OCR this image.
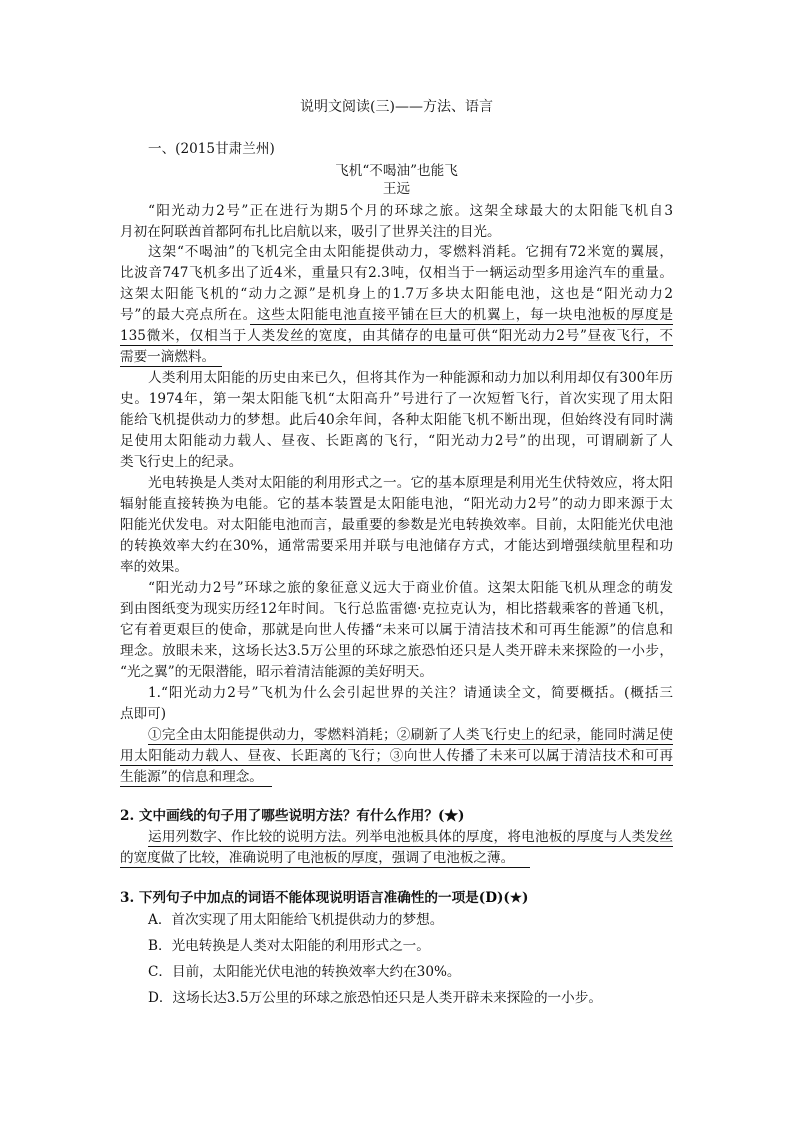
说明文阅读(三)——方法、语言
一、(2015甘肃兰州)
飞机“不喝油”也能飞
王远
“阳光动力2号”正在进行为期5个月的环球之旅。这架全球最大的太阳能飞机自3
月初在阿联酋首都阿布扎比启航以来，吸引了世界关注的目光。
这架“不喝油”的飞机完全由太阳能提供动力，零燃料消耗。它拥有72米宽的翼展，
比波音747飞机多出了近4米，重量只有2.3吨，仅相当于一辆运动型多用途汽车的重量。
这架太阳能飞机的“动力之源”是机身上的1.7万多块太阳能电池，这也是“阳光动力2
号”的最大亮点所在。这些太阳能电池直接平铺在巨大的机翼上，每一块电池板的厚度是
135微米，仅相当于人类发丝的宽度，由其储存的电量可供“阳光动力2号”昼夜飞行，不
需要一滴燃料。
人类利用太阳能的历史由来已久，但将其作为一种能源和动力加以利用却仅有300年历
史。1974年，第一架太阳能飞机“太阳高升”号进行了一次短暂飞行，首次实现了用太阳
能给飞机提供动力的梦想。此后40余年间，各种太阳能飞机不断出现，但始终没有同时满
足使用太阳能动力载人、昼夜、长距离的飞行，“阳光动力2号”的出现，可谓刷新了人
类飞行史上的纪录。
光电转换是人类对太阳能的利用形式之一。它的基本原理是利用光生伏特效应，将太阳
辐射能直接转换为电能。它的基本装置是太阳能电池，“阳光动力2号”的动力即来源于太
阳能光伏发电。对太阳能电池而言，最重要的参数是光电转换效率。目前，太阳能光伏电池
的转换效率大约在30%，通常需要采用并联与电池储存方式，才能达到增强续航里程和功
率的效果。
“阳光动力2号”环球之旅的象征意义远大于商业价值。这架太阳能飞机从理念的萌发
到由图纸变为现实历经12年时间。飞行总监雷德·克拉克认为，相比搭载乘客的普通飞机，
它有着更艰巨的使命，那就是向世人传播“未来可以属于清洁技术和可再生能源”的信息和
理念。放眼未来，这场长达3.5万公里的环球之旅恐怕还只是人类开辟未来探险的一小步，
“光之翼”的无限潜能，昭示着清洁能源的美好明天。
1.“阳光动力2号”飞机为什么会引起世界的关注？请通读全文，简要概括。(概括三
点即可)
①完全由太阳能提供动力，零燃料消耗；②刷新了人类飞行史上的纪录，能同时满足使
用太阳能动力载人、昼夜、长距离的飞行；③向世人传播了未来可以属于清洁技术和可再
生能源”的信息和理念。
2. 文中画线的句子用了哪些说明方法？有什么作用？(★)
运用列数字、作比较的说明方法。列举电池板具体的厚度，将电池板的厚度与人类发丝
的宽度做了比较，准确说明了电池板的厚度，强调了电池板之薄。
3. 下列句子中加点的词语不能体现说明语言准确性的一项是(D)(★)
A．首次实现了用太阳能给飞机提供动力的梦想。
B．光电转换是人类对太阳能的利用形式之一。
C．目前，太阳能光伏电池的转换效率大约在30%。
D．这场长达3.5万公里的环球之旅恐怕还只是人类开辟未来探险的一小步。
